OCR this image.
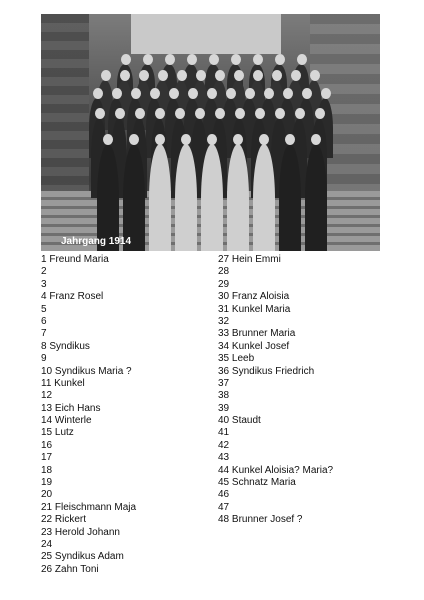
Jahrgang 1914
1 Freund Maria
2
3
4 Franz Rosel
5
6
7
8 Syndikus
9
10 Syndikus Maria ?
11 Kunkel
12
13 Eich Hans
14 Winterle
15 Lutz
16
17
18
19
20
21 Fleischmann Maja
22 Rickert
23 Herold Johann
24
25 Syndikus Adam
26 Zahn Toni
27 Hein Emmi
28
29
30 Franz Aloisia
31 Kunkel Maria
32
33 Brunner Maria
34 Kunkel Josef
35 Leeb
36 Syndikus Friedrich
37
38
39
40 Staudt
41
42
43
44 Kunkel Aloisia? Maria?
45 Schnatz Maria
46
47
48 Brunner Josef ?
